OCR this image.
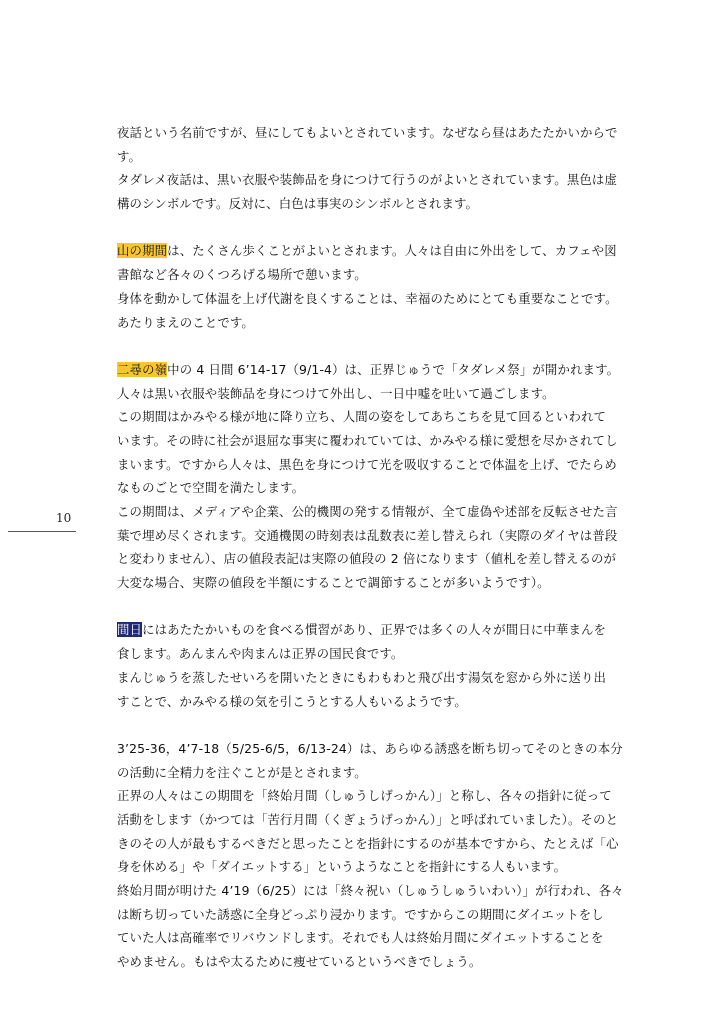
夜話という名前ですが、昼にしてもよいとされています。なぜなら昼はあたたかいからで
す。
タダレメ夜話は、黒い衣服や装飾品を身につけて行うのがよいとされています。黒色は虚
構のシンボルです。反対に、白色は事実のシンボルとされます。
山の期間は、たくさん歩くことがよいとされます。人々は自由に外出をして、カフェや図
書館など各々のくつろげる場所で憩います。
身体を動かして体温を上げ代謝を良くすることは、幸福のためにとても重要なことです。
あたりまえのことです。
二尋の嶺中の 4 日間 6’14-17（9/1-4）は、正界じゅうで「タダレメ祭」が開かれます。
人々は黒い衣服や装飾品を身につけて外出し、一日中嘘を吐いて過ごします。
この期間はかみやる様が地に降り立ち、人間の姿をしてあちこちを見て回るといわれて
います。その時に社会が退屈な事実に覆われていては、かみやる様に愛想を尽かされてし
まいます。ですから人々は、黒色を身につけて光を吸収することで体温を上げ、でたらめ
なものごとで空間を満たします。
この期間は、メディアや企業、公的機関の発する情報が、全て虚偽や述部を反転させた言
葉で埋め尽くされます。交通機関の時刻表は乱数表に差し替えられ（実際のダイヤは普段
と変わりません）、店の値段表記は実際の値段の 2 倍になります（値札を差し替えるのが
大変な場合、実際の値段を半額にすることで調節することが多いようです）。
間日にはあたたかいものを食べる慣習があり、正界では多くの人々が間日に中華まんを
食します。あんまんや肉まんは正界の国民食です。
まんじゅうを蒸したせいろを開いたときにもわもわと飛び出す湯気を窓から外に送り出
すことで、かみやる様の気を引こうとする人もいるようです。
3’25-36，4’7-18（5/25-6/5，6/13-24）は、あらゆる誘惑を断ち切ってそのときの本分
の活動に全精力を注ぐことが是とされます。
正界の人々はこの期間を「終始月間（しゅうしげっかん）」と称し、各々の指針に従って
活動をします（かつては「苦行月間（くぎょうげっかん）」と呼ばれていました）。そのと
きのその人が最もするべきだと思ったことを指針にするのが基本ですから、たとえば「心
身を休める」や「ダイエットする」というようなことを指針にする人もいます。
終始月間が明けた 4’19（6/25）には「終々祝い（しゅうしゅういわい）」が行われ、各々
は断ち切っていた誘惑に全身どっぷり浸かります。ですからこの期間にダイエットをし
ていた人は高確率でリバウンドします。それでも人は終始月間にダイエットすることを
やめません。もはや太るために痩せているというべきでしょう。
10
